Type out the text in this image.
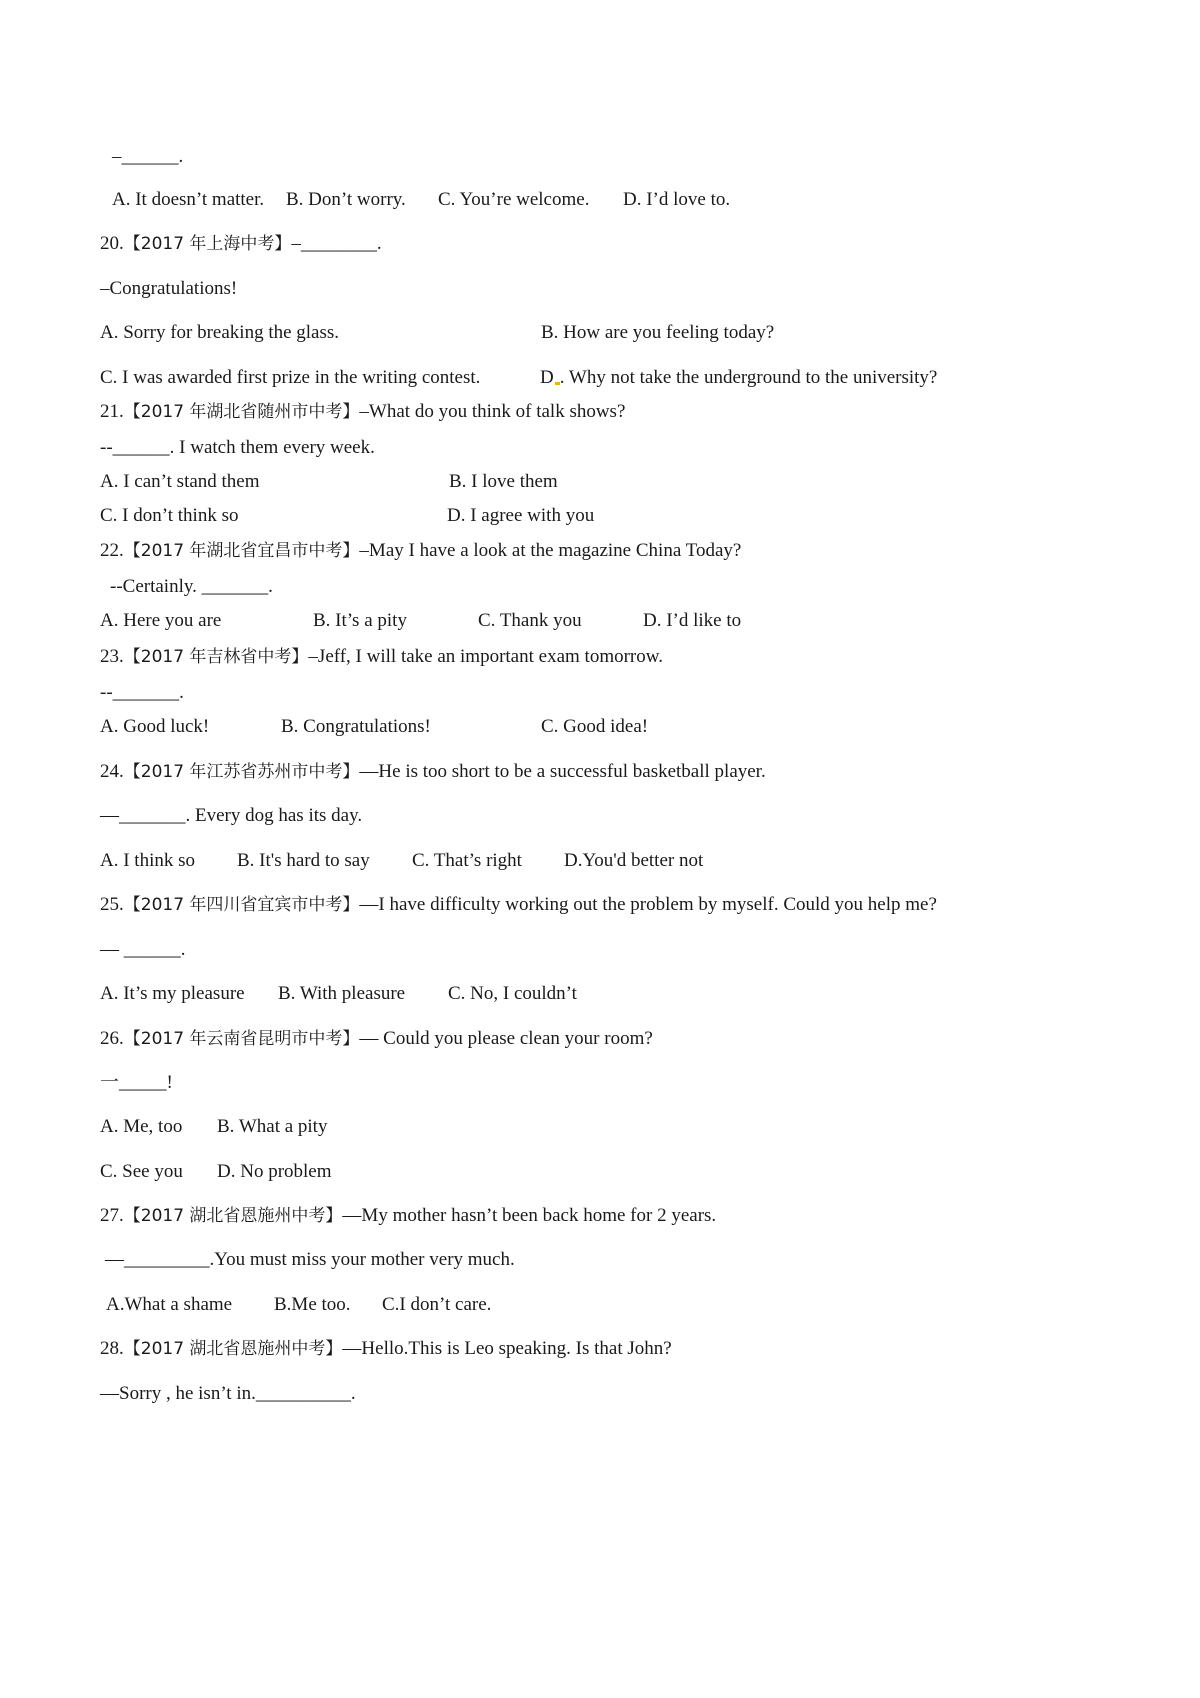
–______.
A. It doesn’t matter. B. Don’t worry. C. You’re welcome. D. I’d love to.
20.【2017 年上海中考】–________.
–Congratulations!
A. Sorry for breaking the glass.	B. How are you feeling today?
C. I was awarded first prize in the writing contest.	D . Why not take the underground to the university?
21.【2017 年湖北省随州市中考】–What do you think of talk shows?
--______. I watch them every week.
A. I can’t stand them	B. I love them
C. I don’t think so	D. I agree with you
22.【2017 年湖北省宜昌市中考】–May I have a look at the magazine China Today?
--Certainly. _______.
A. Here you are	B. It’s a pity	C. Thank you	D. I’d like to
23.【2017 年吉林省中考】–Jeff, I will take an important exam tomorrow.
--_______.
A. Good luck!	B. Congratulations!	C. Good idea!
24.【2017 年江苏省苏州市中考】—He is too short to be a successful basketball player.
—_______. Every dog has its day.
A. I think so B. It's hard to say C. That’s right D.You'd better not
25.【2017 年四川省宜宾市中考】—I have difficulty working out the problem by myself. Could you help me?
— ______.
A. It’s my pleasure B. With pleasure C. No, I couldn’t
26.【2017 年云南省昆明市中考】— Could you please clean your room?
一_____!
A. Me, too B. What a pity
C. See you D. No problem
27.【2017 湖北省恩施州中考】—My mother hasn’t been back home for 2 years.
—_________.You must miss your mother very much.
A.What a shame B.Me too. C.I don’t care.
28.【2017 湖北省恩施州中考】—Hello.This is Leo speaking. Is that John?
—Sorry , he isn’t in.__________.
